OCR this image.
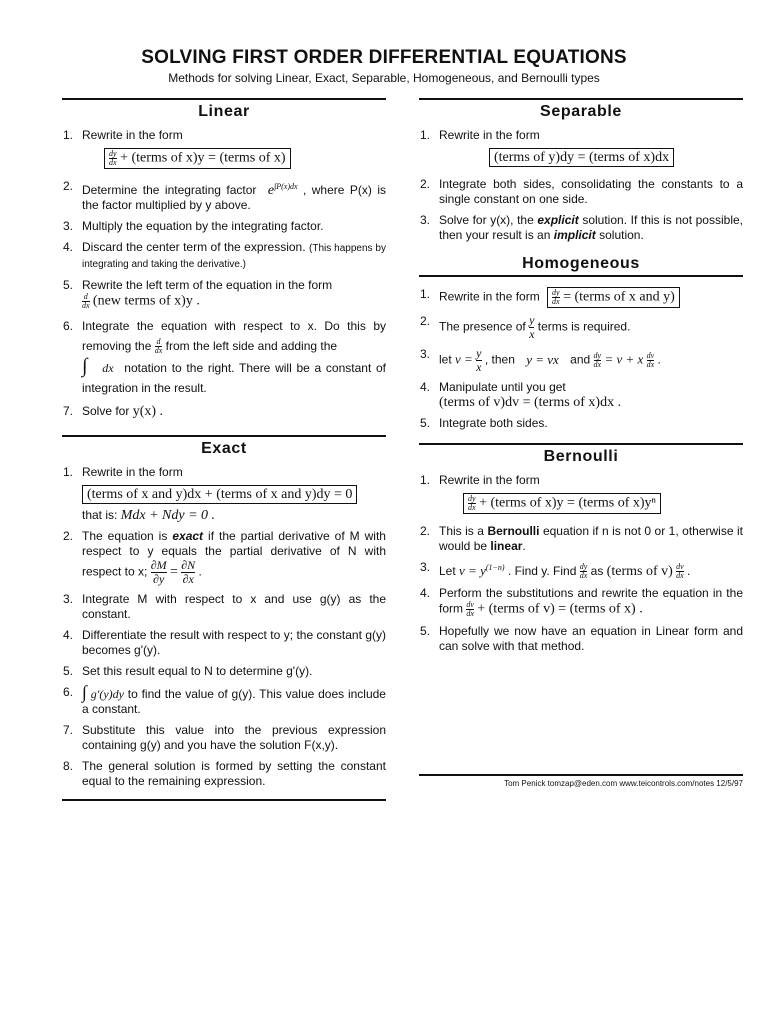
SOLVING FIRST ORDER DIFFERENTIAL EQUATIONS
Methods for solving Linear, Exact, Separable, Homogeneous, and Bernoulli types
Linear
1. Rewrite in the form

$\frac{dy}{dx}$ + (terms of x)y = (terms of x)
2. Determine the integrating factor $e^{\int P(x)dx}$ , where P(x) is the factor multiplied by y above.
3. Multiply the equation by the integrating factor.
4. Discard the center term of the expression. (This happens by integrating and taking the derivative.)
5. Rewrite the left term of the equation in the form

$\frac{d}{dx} (new$ terms of x)y .
6. Integrate the equation with respect to x. Do this by removing the $\frac{d}{dx}$ from the left side and adding the
∫ dx notation to the right. There will be a constant of integration in the result.
7. Solve for y(x) .
Exact
1. Rewrite in the form
(terms of x and y)dx + (terms of x and y)dy = 0
that is: Mdx + Ndy = 0 .
2. The equation is exact if the partial derivative of M with respect to y equals the partial derivative of N with respect to x; $\frac{\partial M}{\partial y} = \frac{\partial N}{\partial x}$ .
3. Integrate M with respect to x and use g(y) as the constant.
4. Differentiate the result with respect to y; the constant g(y) becomes g'(y).
5. Set this result equal to N to determine g'(y).
6. ∫ g'(y)dy to find the value of g(y). This value does include a constant.
7. Substitute this value into the previous expression containing g(y) and you have the solution F(x,y).
8. The general solution is formed by setting the constant equal to the remaining expression.
Separable
1. Rewrite in the form
(terms of y)dy = (terms of x)dx
2. Integrate both sides, consolidating the constants to a single constant on one side.
3. Solve for y(x), the explicit solution. If this is not possible, then your result is an implicit solution.
Homogeneous
1. Rewrite in the form $\frac{dy}{dx}$ = (terms of x and y)
2. The presence of $\frac{y}{x}$ terms is required.
3. let $v = \frac{y}{x}$ , then y = vx and $\frac{dy}{dx} = v + x \frac{dv}{dx}$ .
4. Manipulate until you get
(terms of v)dv = (terms of x)dx .
5. Integrate both sides.
Bernoulli
1. Rewrite in the form

$\frac{dy}{dx}$ + (terms of x)y = (terms of x)yⁿ
2. This is a Bernoulli equation if n is not 0 or 1, otherwise it would be linear.
3. Let $v = y^{(1-n)}$ . Find y. Find $\frac{dy}{dx}$ as (terms of $v) \frac{dv}{dx}$ .
4. Perform the substitutions and rewrite the equation in the form $\frac{dv}{dx}$ + (terms of v) = (terms of x) .
5. Hopefully we now have an equation in Linear form and can solve with that method.
Tom Penick tomzap@eden.com www.teicontrols.com/notes 12/5/97
